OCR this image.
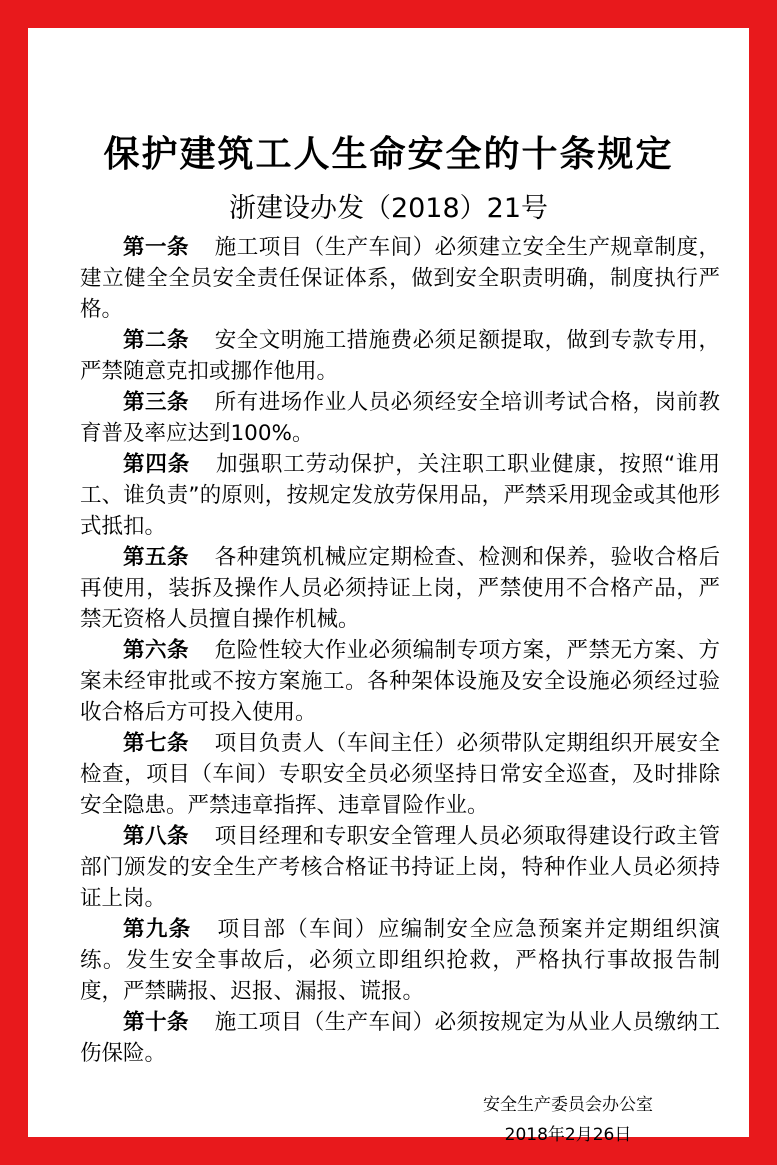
保护建筑工人生命安全的十条规定
浙建设办发（2018）21号

第一条 施工项目（生产车间）必须建立安全生产规章制度，建立健全全员安全责任保证体系，做到安全职责明确，制度执行严格。

第二条 安全文明施工措施费必须足额提取，做到专款专用，严禁随意克扣或挪作他用。

第三条 所有进场作业人员必须经安全培训考试合格，岗前教育普及率应达到100%。

第四条 加强职工劳动保护，关注职工职业健康，按照“谁用工、谁负责”的原则，按规定发放劳保用品，严禁采用现金或其他形式抵扣。

第五条 各种建筑机械应定期检查、检测和保养，验收合格后再使用，装拆及操作人员必须持证上岗，严禁使用不合格产品，严禁无资格人员擅自操作机械。

第六条 危险性较大作业必须编制专项方案，严禁无方案、方案未经审批或不按方案施工。各种架体设施及安全设施必须经过验收合格后方可投入使用。

第七条 项目负责人（车间主任）必须带队定期组织开展安全检查，项目（车间）专职安全员必须坚持日常安全巡查，及时排除安全隐患。严禁违章指挥、违章冒险作业。

第八条 项目经理和专职安全管理人员必须取得建设行政主管部门颁发的安全生产考核合格证书持证上岗，特种作业人员必须持证上岗。

第九条 项目部（车间）应编制安全应急预案并定期组织演练。发生安全事故后，必须立即组织抢救，严格执行事故报告制度，严禁瞒报、迟报、漏报、谎报。

第十条 施工项目（生产车间）必须按规定为从业人员缴纳工伤保险。

安全生产委员会办公室
2018年2月26日
